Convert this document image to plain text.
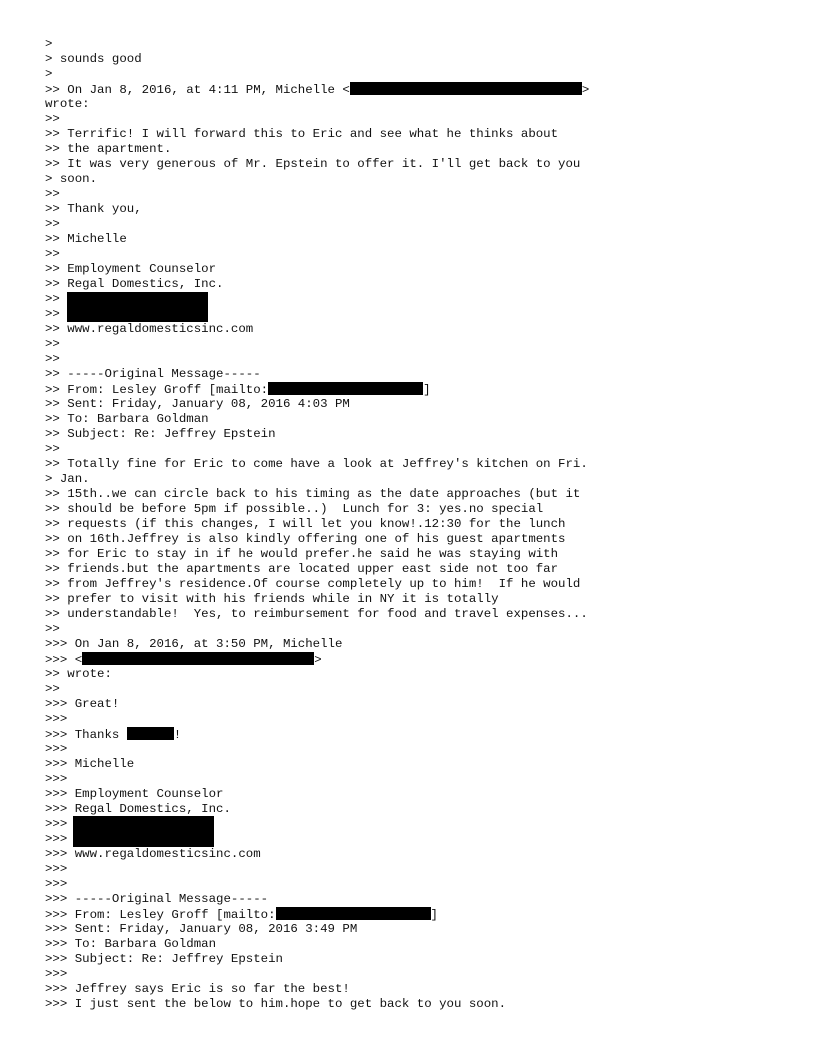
>
> sounds good
>
>> On Jan 8, 2016, at 4:11 PM, Michelle <	>
wrote:
>>
>> Terrific! I will forward this to Eric and see what he thinks about
>> the apartment.
>> It was very generous of Mr. Epstein to offer it. I'll get back to you
> soon.
>>
>> Thank you,
>>
>> Michelle
>>
>> Employment Counselor
>> Regal Domestics, Inc.
>>
>>
>> www.regaldomesticsinc.com
>>
>>
>> -----Original Message-----
>> From: Lesley Groff [mailto:	]
>> Sent: Friday, January 08, 2016 4:03 PM
>> To: Barbara Goldman
>> Subject: Re: Jeffrey Epstein
>>
>> Totally fine for Eric to come have a look at Jeffrey's kitchen on Fri.
> Jan.
>> 15th..we can circle back to his timing as the date approaches (but it
>> should be before 5pm if possible..)  Lunch for 3: yes.no special
>> requests (if this changes, I will let you know!.12:30 for the lunch
>> on 16th.Jeffrey is also kindly offering one of his guest apartments
>> for Eric to stay in if he would prefer.he said he was staying with
>> friends.but the apartments are located upper east side not too far
>> from Jeffrey's residence.Of course completely up to him!  If he would
>> prefer to visit with his friends while in NY it is totally
>> understandable!  Yes, to reimbursement for food and travel expenses...
>>
>>> On Jan 8, 2016, at 3:50 PM, Michelle
>>> <	>
>> wrote:
>>
>>> Great!
>>>
>>> Thanks	!
>>>
>>> Michelle
>>>
>>> Employment Counselor
>>> Regal Domestics, Inc.
>>>
>>>
>>> www.regaldomesticsinc.com
>>>
>>>
>>> -----Original Message-----
>>> From: Lesley Groff [mailto:	]
>>> Sent: Friday, January 08, 2016 3:49 PM
>>> To: Barbara Goldman
>>> Subject: Re: Jeffrey Epstein
>>>
>>> Jeffrey says Eric is so far the best!
>>> I just sent the below to him.hope to get back to you soon.
